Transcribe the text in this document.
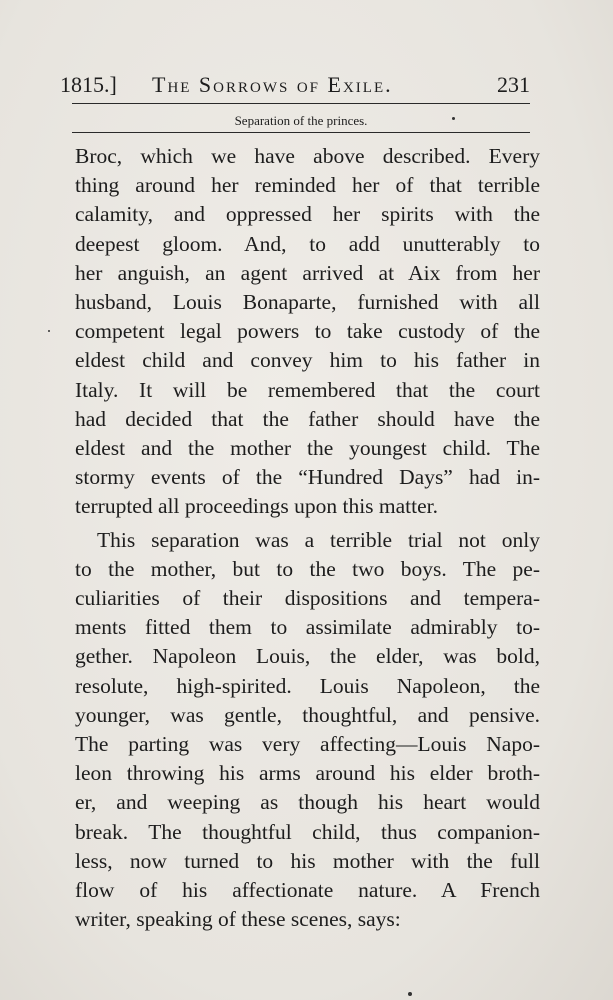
1815.] The Sorrows of Exile.	231
Separation of the princes.
Broc, which we have above described. Every
thing around her reminded her of that terrible
calamity, and oppressed her spirits with the
deepest gloom. And, to add unutterably to
her anguish, an agent arrived at Aix from her
husband, Louis Bonaparte, furnished with all
competent legal powers to take custody of the
eldest child and convey him to his father in
Italy. It will be remembered that the court
had decided that the father should have the
eldest and the mother the youngest child. The
stormy events of the “Hundred Days” had in-
terrupted all proceedings upon this matter.
This separation was a terrible trial not only
to the mother, but to the two boys. The pe-
culiarities of their dispositions and tempera-
ments fitted them to assimilate admirably to-
gether. Napoleon Louis, the elder, was bold,
resolute, high-spirited. Louis Napoleon, the
younger, was gentle, thoughtful, and pensive.
The parting was very affecting—Louis Napo-
leon throwing his arms around his elder broth-
er, and weeping as though his heart would
break. The thoughtful child, thus companion-
less, now turned to his mother with the full
flow of his affectionate nature. A French
writer, speaking of these scenes, says:
